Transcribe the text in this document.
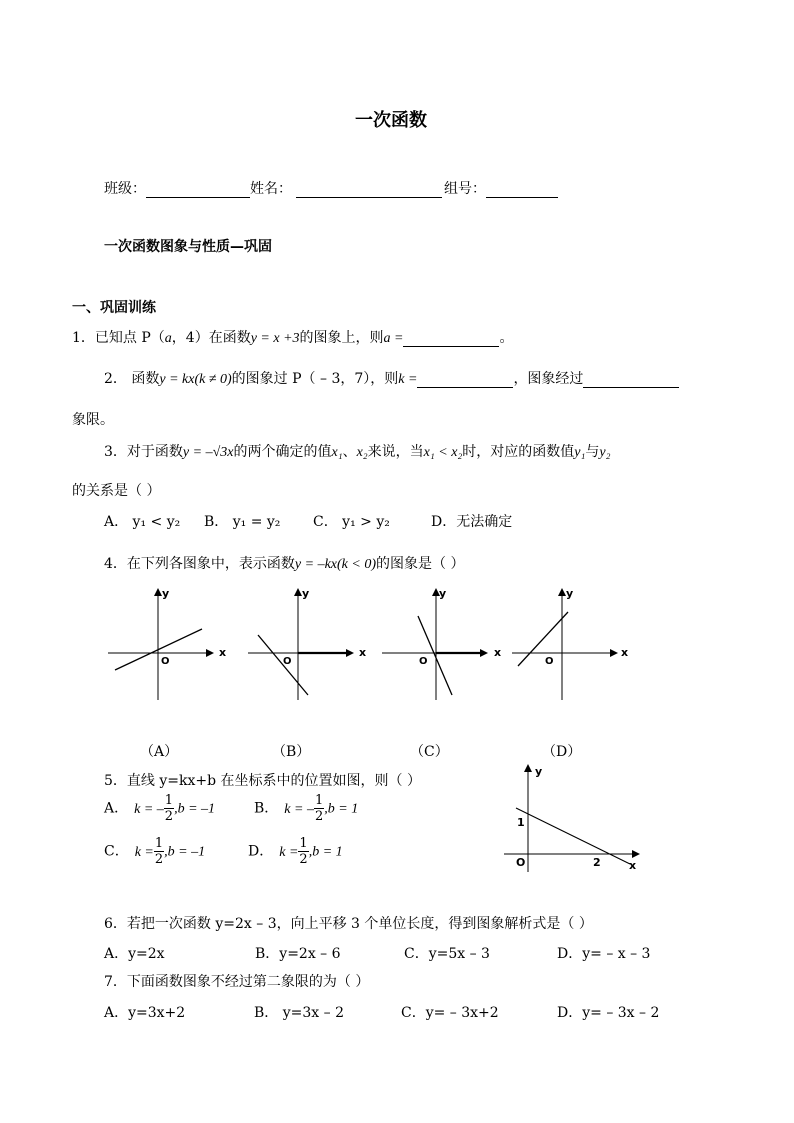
一次函数
班级：	姓名：	组号：
一次函数图象与性质—巩固
一、巩固训练
1．已知点 P（a，4）在函数y = x +3的图象上，则a =	。
2． 函数y = kx(k ≠ 0)的图象过 P（ – 3，7），则k =	，图象经过
象限。
3．对于函数y = –√3x的两个确定的值x₁、x₂来说，当x₁ < x₂时，对应的函数值y₁与y₂
的关系是（ ）
A． y₁ < y₂ B． y₁ = y₂ C． y₁ > y₂	D．无法确定
4．在下列各图象中，表示函数y = –kx(k < 0)的图象是（ ）
y
x
O
y
x
O
y
x
O
y
x
O
（A）	（B）	（C）	（D）
5．直线 y=kx+b 在坐标系中的位置如图，则（ ）
A． k = – $\frac{1}{2} ,b = -1$	B． k = – $\frac{1}{2} ,b = 1$
C． $k = \frac{1}{2} ,b = -1$	D． $k = \frac{1}{2} ,b = 1$
y
x
O
1
2
6．若把一次函数 y=2x – 3，向上平移 3 个单位长度，得到图象解析式是（ ）
A．y=2x	B．y=2x – 6	C．y=5x – 3	D．y= – x – 3
7．下面函数图象不经过第二象限的为（ ）
A．y=3x+2	B． y=3x – 2	C．y= – 3x+2	D．y= – 3x – 2
